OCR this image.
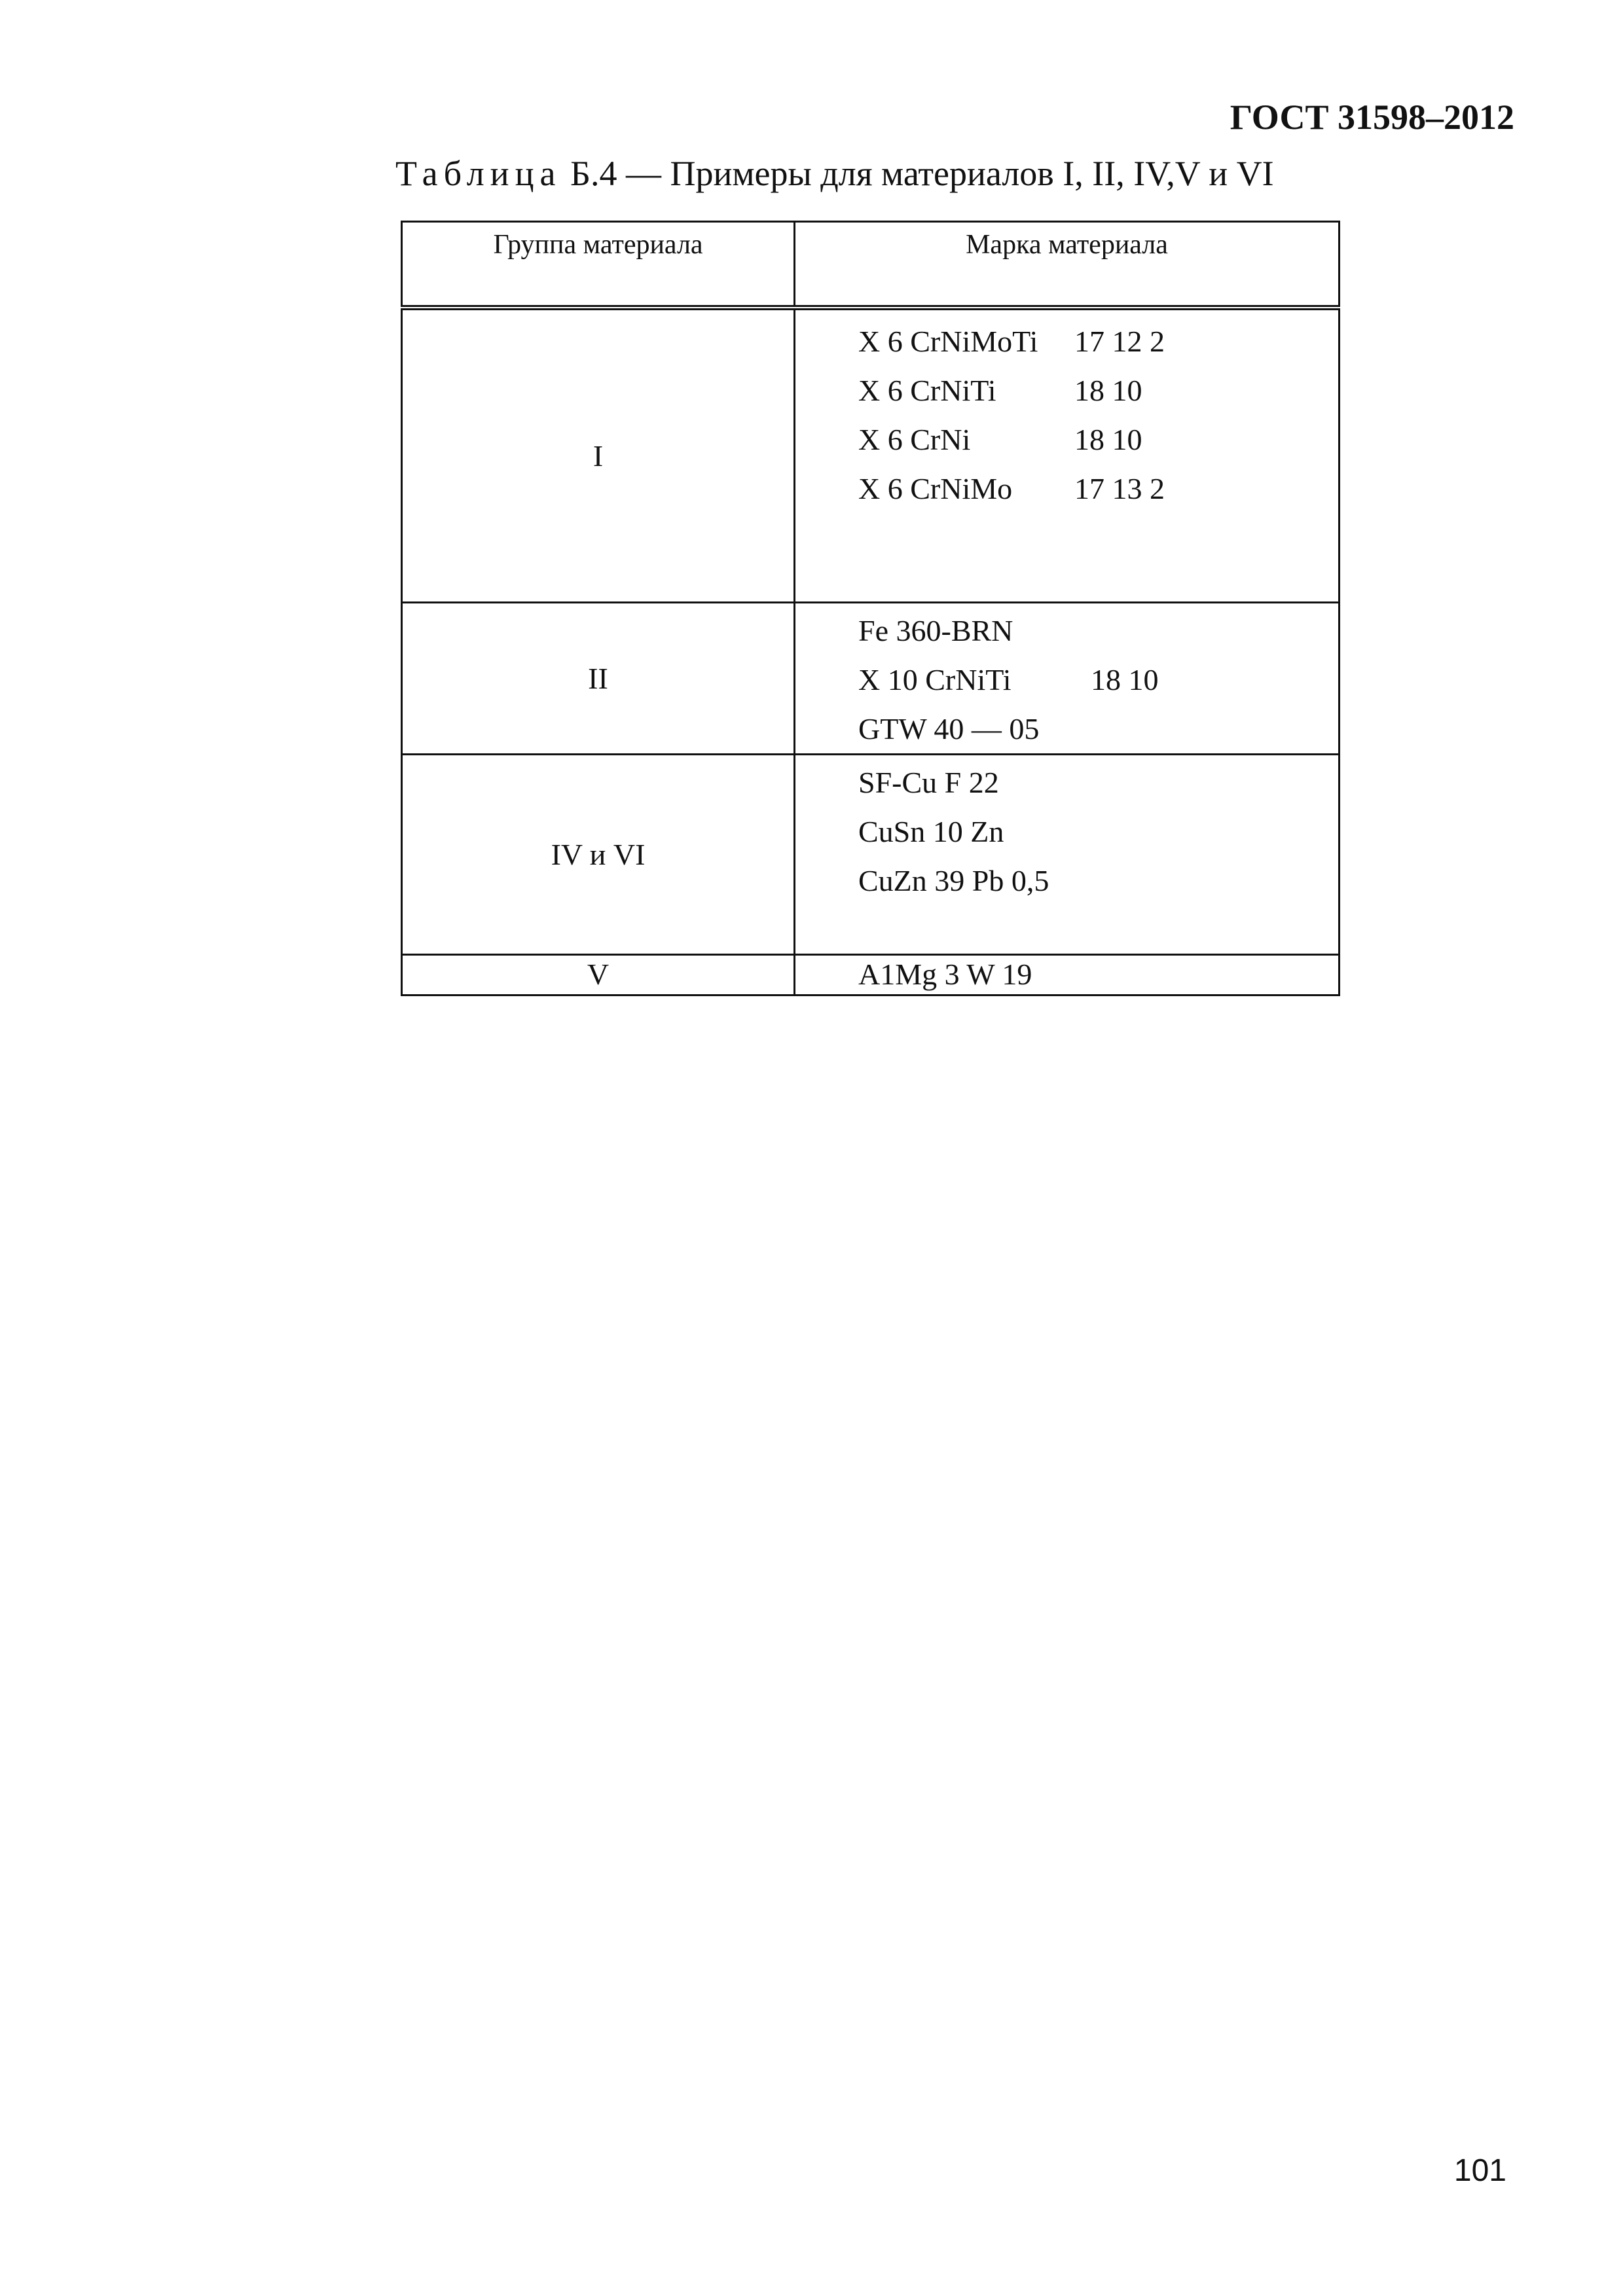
ГОСТ 31598–2012
Таблица Б.4 — Примеры для материалов I, II, IV,V и VI
Группа материала	Марка материала
I	X 6 CrNiMoTi 17 12 2
X 6 CrNiTi 18 10
X 6 CrNi 18 10
X 6 CrNiMo 17 13 2

II	Fe 360-BRN
X 10 CrNiTi 18 10
GTW 40 — 05

IV и VI	SF-Cu F 22
CuSn 10 Zn
CuZn 39 Pb 0,5

V	A1Mg 3 W 19
101
